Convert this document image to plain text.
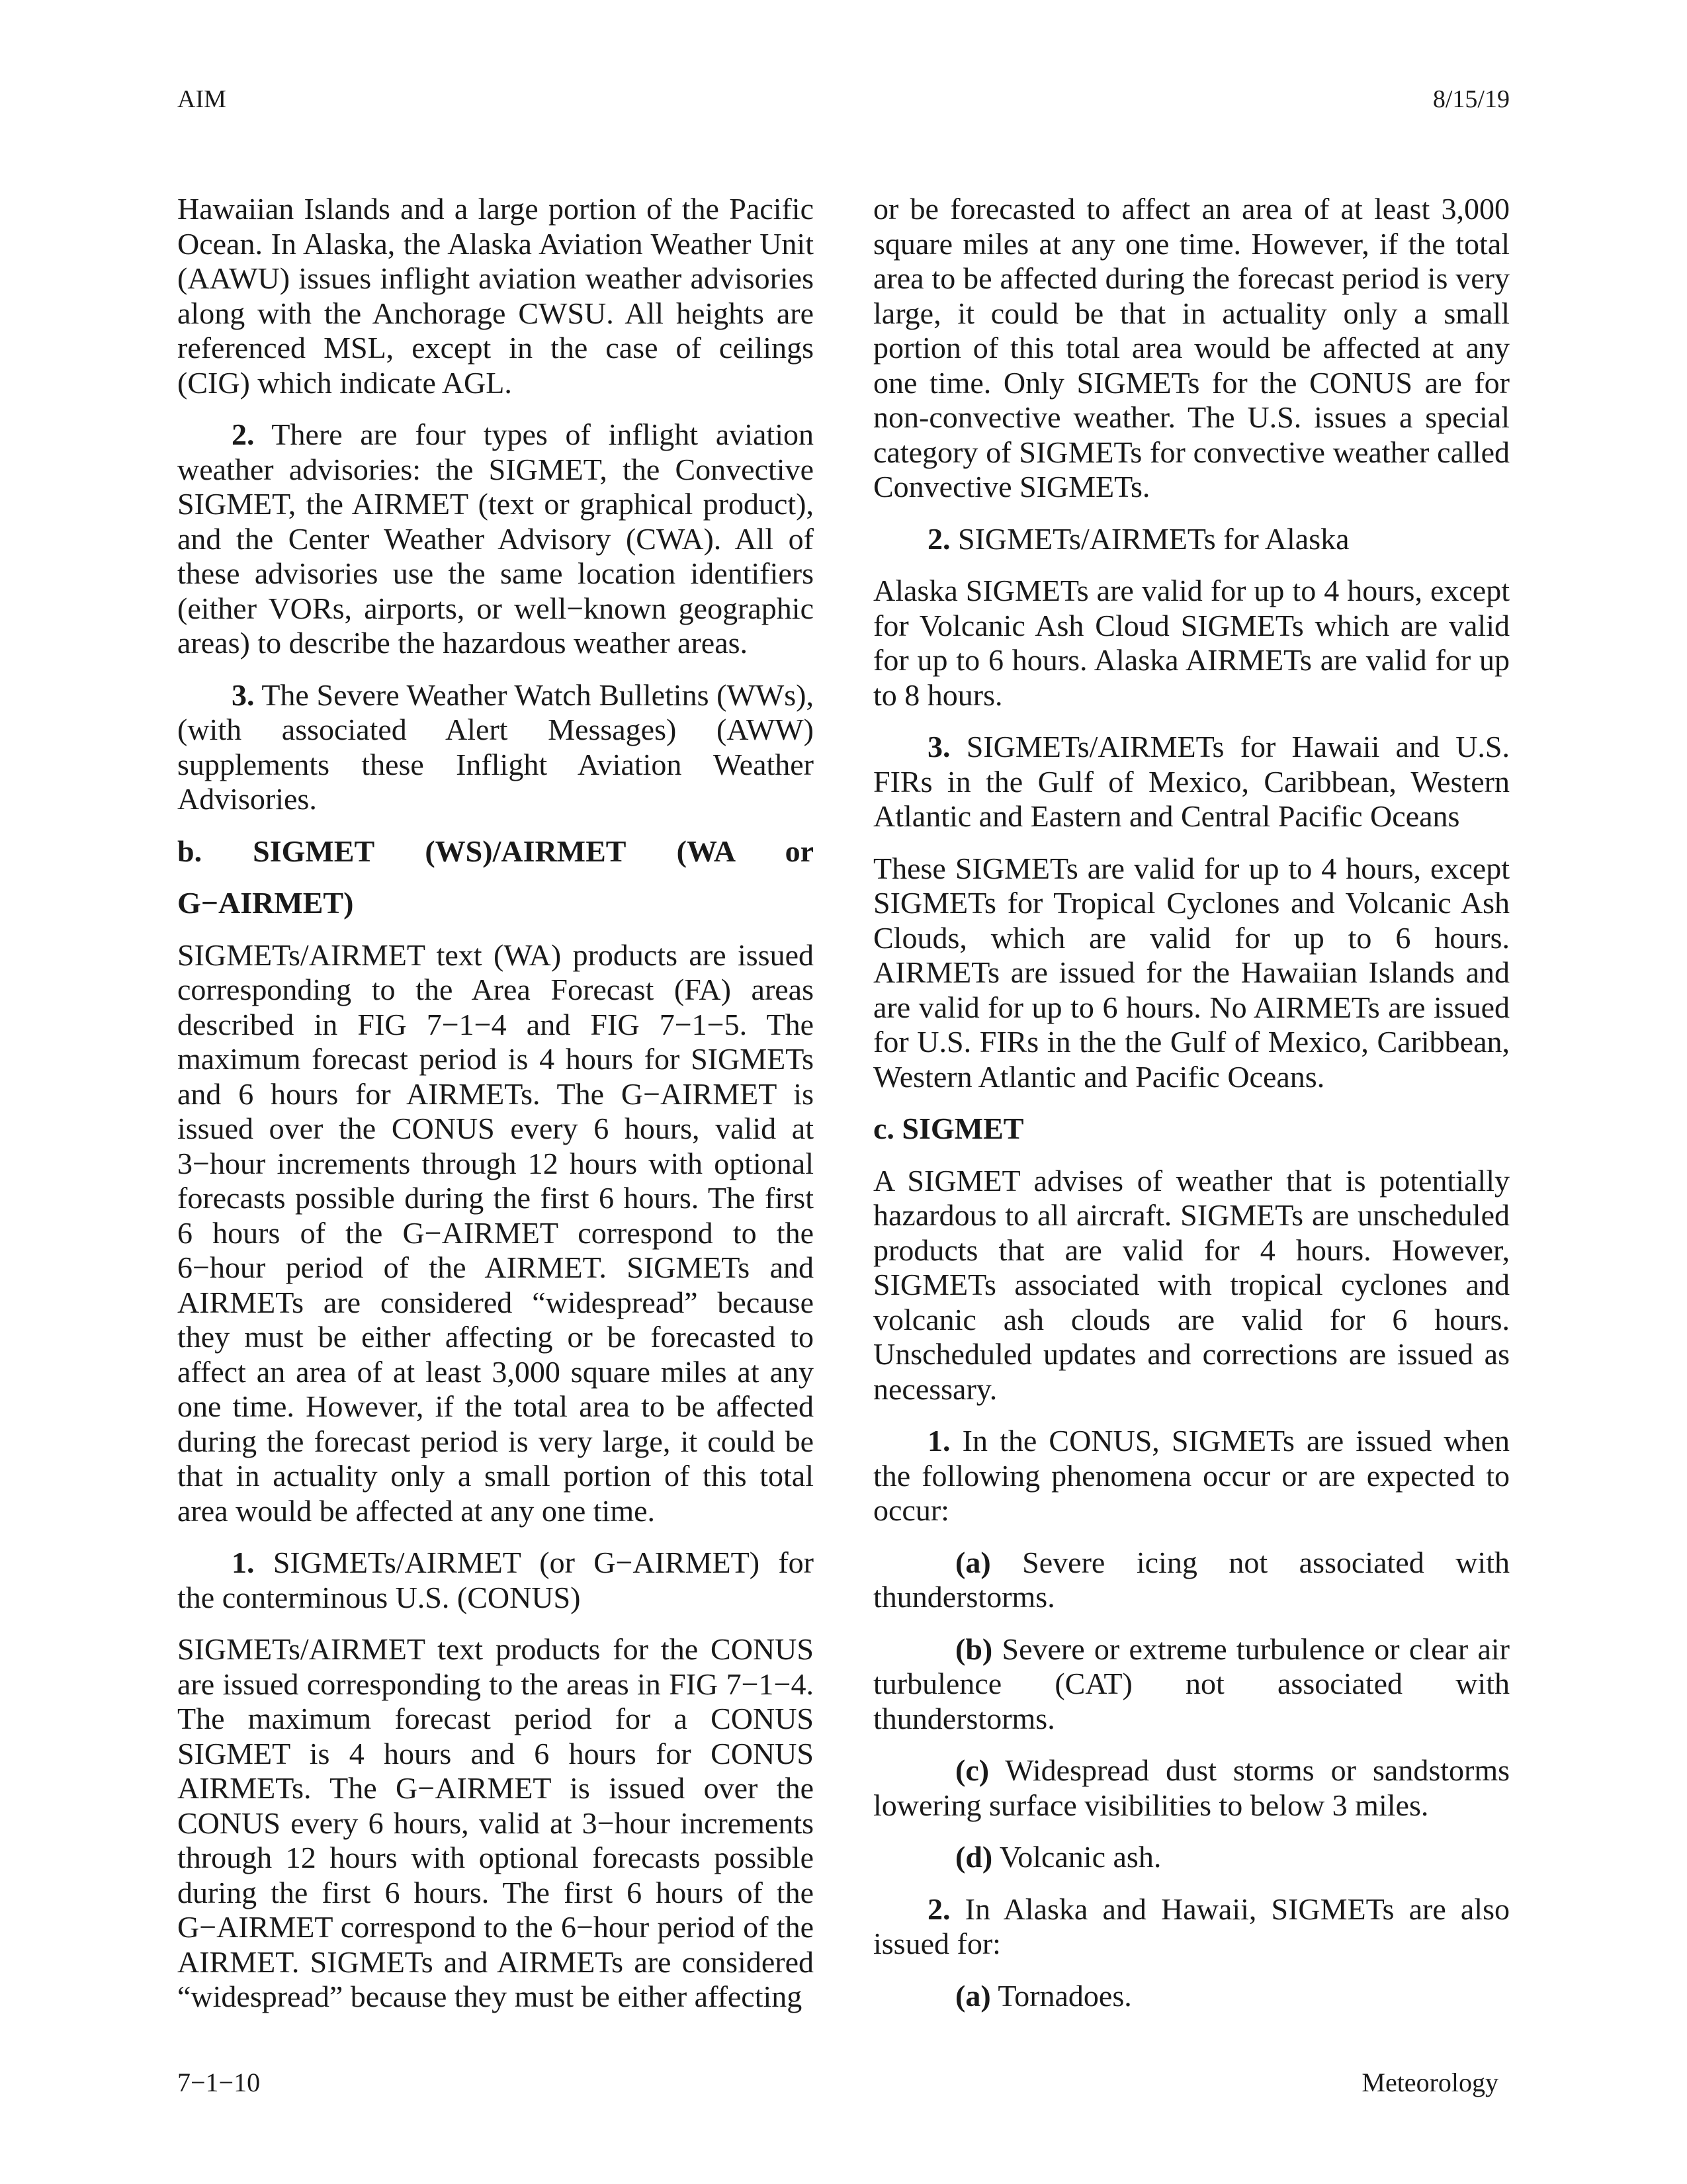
AIM	8/15/19

Hawaiian Islands and a large portion of the Pacific Ocean. In Alaska, the Alaska Aviation Weather Unit (AAWU) issues inflight aviation weather advisories along with the Anchorage CWSU. All heights are referenced MSL, except in the case of ceilings (CIG) which indicate AGL.

2. There are four types of inflight aviation weather advisories: the SIGMET, the Convective SIGMET, the AIRMET (text or graphical product), and the Center Weather Advisory (CWA). All of these advisories use the same location identifiers (either VORs, airports, or well−known geographic areas) to describe the hazardous weather areas.

3. The Severe Weather Watch Bulletins (WWs), (with associated Alert Messages) (AWW) supplements these Inflight Aviation Weather Advisories.

b. SIGMET (WS)/AIRMET (WA or

G−AIRMET)

SIGMETs/AIRMET text (WA) products are issued corresponding to the Area Forecast (FA) areas described in FIG 7−1−4 and FIG 7−1−5. The maximum forecast period is 4 hours for SIGMETs and 6 hours for AIRMETs. The G−AIRMET is issued over the CONUS every 6 hours, valid at 3−hour increments through 12 hours with optional forecasts possible during the first 6 hours. The first 6 hours of the G−AIRMET correspond to the 6−hour period of the AIRMET. SIGMETs and AIRMETs are considered “widespread” because they must be either affecting or be forecasted to affect an area of at least 3,000 square miles at any one time. However, if the total area to be affected during the forecast period is very large, it could be that in actuality only a small portion of this total area would be affected at any one time.

1. SIGMETs/AIRMET (or G−AIRMET) for the conterminous U.S. (CONUS)

SIGMETs/AIRMET text products for the CONUS are issued corresponding to the areas in FIG 7−1−4. The maximum forecast period for a CONUS SIGMET is 4 hours and 6 hours for CONUS AIRMETs. The G−AIRMET is issued over the CONUS every 6 hours, valid at 3−hour increments through 12 hours with optional forecasts possible during the first 6 hours. The first 6 hours of the G−AIRMET correspond to the 6−hour period of the AIRMET. SIGMETs and AIRMETs are considered “widespread” because they must be either affecting

or be forecasted to affect an area of at least 3,000 square miles at any one time. However, if the total area to be affected during the forecast period is very large, it could be that in actuality only a small portion of this total area would be affected at any one time. Only SIGMETs for the CONUS are for non-convective weather. The U.S. issues a special category of SIGMETs for convective weather called Convective SIGMETs.

2. SIGMETs/AIRMETs for Alaska

Alaska SIGMETs are valid for up to 4 hours, except for Volcanic Ash Cloud SIGMETs which are valid for up to 6 hours. Alaska AIRMETs are valid for up to 8 hours.

3. SIGMETs/AIRMETs for Hawaii and U.S. FIRs in the Gulf of Mexico, Caribbean, Western Atlantic and Eastern and Central Pacific Oceans

These SIGMETs are valid for up to 4 hours, except SIGMETs for Tropical Cyclones and Volcanic Ash Clouds, which are valid for up to 6 hours. AIRMETs are issued for the Hawaiian Islands and are valid for up to 6 hours. No AIRMETs are issued for U.S. FIRs in the the Gulf of Mexico, Caribbean, Western Atlantic and Pacific Oceans.

c. SIGMET

A SIGMET advises of weather that is potentially hazardous to all aircraft. SIGMETs are unscheduled products that are valid for 4 hours. However, SIGMETs associated with tropical cyclones and volcanic ash clouds are valid for 6 hours. Unscheduled updates and corrections are issued as necessary.

1. In the CONUS, SIGMETs are issued when the following phenomena occur or are expected to occur:

(a) Severe icing not associated with thunderstorms.

(b) Severe or extreme turbulence or clear air turbulence (CAT) not associated with thunderstorms.

(c) Widespread dust storms or sandstorms lowering surface visibilities to below 3 miles.

(d) Volcanic ash.

2. In Alaska and Hawaii, SIGMETs are also issued for:

(a) Tornadoes.

7−1−10	Meteorology
